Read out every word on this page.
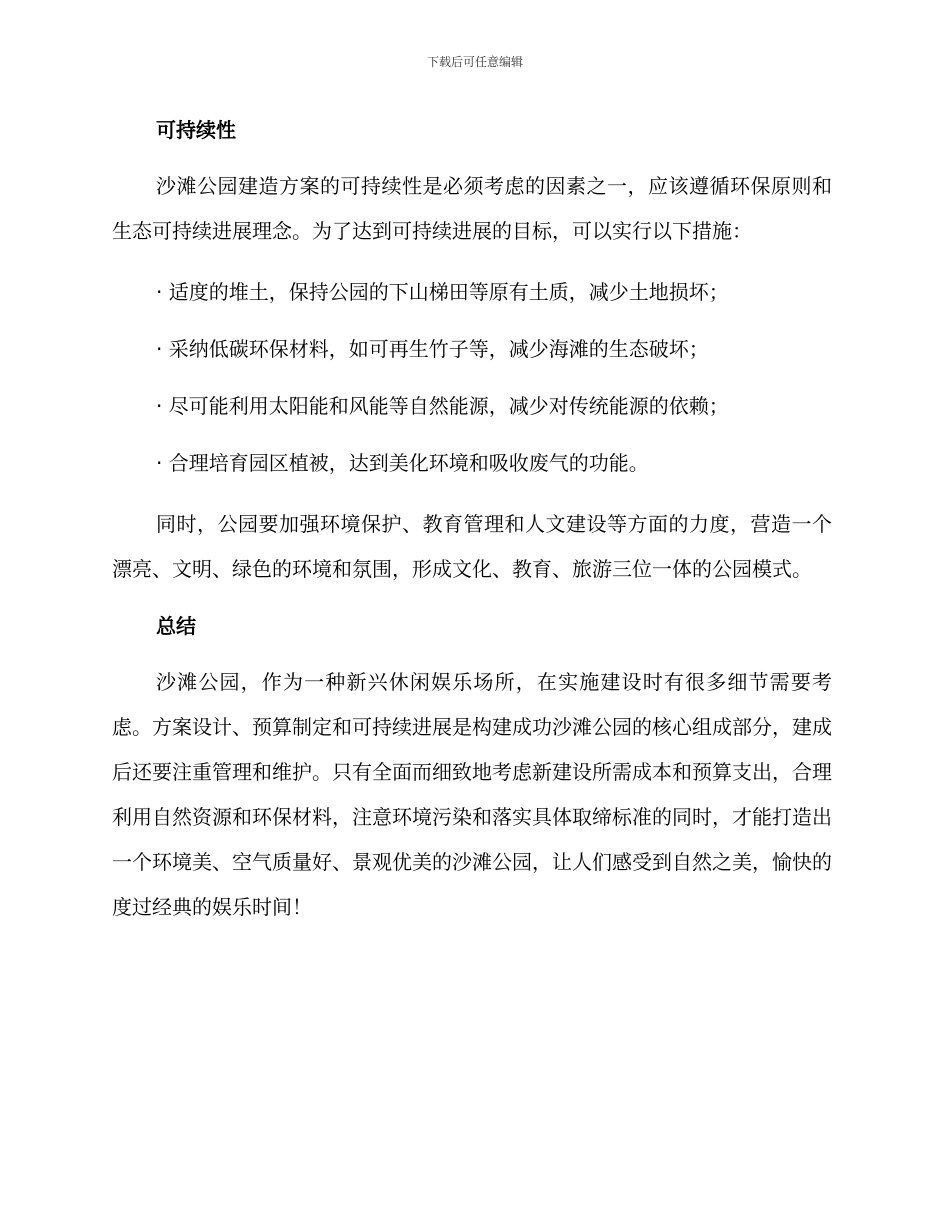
下载后可任意编辑
可持续性

沙滩公园建造方案的可持续性是必须考虑的因素之一，应该遵循环保原则和生态可持续进展理念。为了达到可持续进展的目标，可以实行以下措施：

· 适度的堆土，保持公园的下山梯田等原有土质，减少土地损坏；

· 采纳低碳环保材料，如可再生竹子等，减少海滩的生态破坏；

· 尽可能利用太阳能和风能等自然能源，减少对传统能源的依赖；

· 合理培育园区植被，达到美化环境和吸收废气的功能。

同时，公园要加强环境保护、教育管理和人文建设等方面的力度，营造一个漂亮、文明、绿色的环境和氛围，形成文化、教育、旅游三位一体的公园模式。

总结

沙滩公园，作为一种新兴休闲娱乐场所，在实施建设时有很多细节需要考虑。方案设计、预算制定和可持续进展是构建成功沙滩公园的核心组成部分，建成后还要注重管理和维护。只有全面而细致地考虑新建设所需成本和预算支出，合理利用自然资源和环保材料，注意环境污染和落实具体取缔标准的同时，才能打造出一个环境美、空气质量好、景观优美的沙滩公园，让人们感受到自然之美，愉快的度过经典的娱乐时间！
